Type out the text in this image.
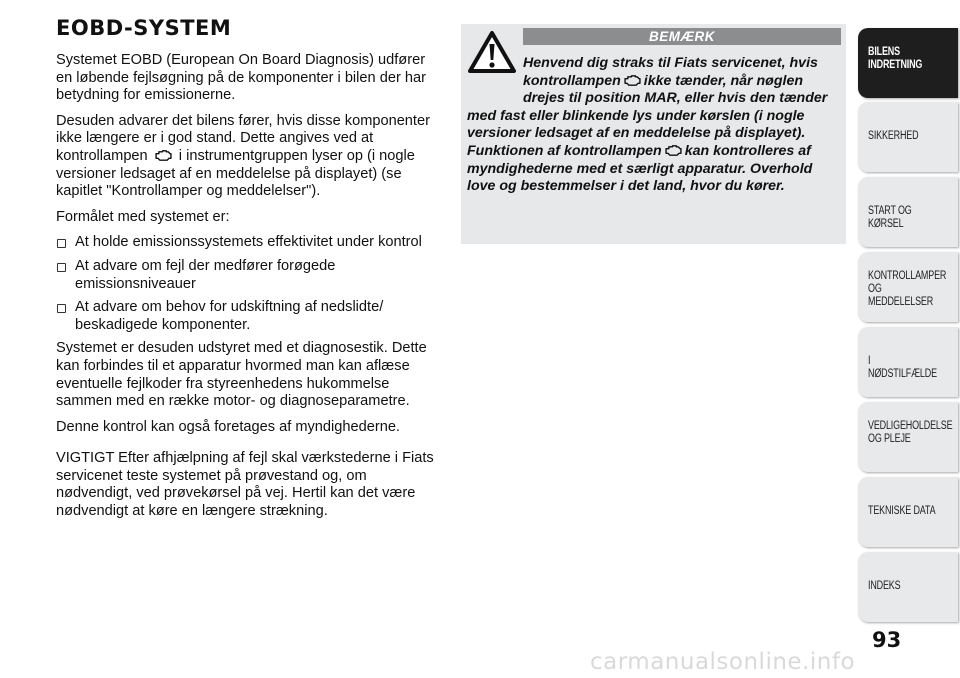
EOBD-SYSTEM

Systemet EOBD (European On Board Diagnosis) udfører en løbende fejlsøgning på de komponenter i bilen der har betydning for emissionerne.

Desuden advarer det bilens fører, hvis disse komponenter ikke længere er i god stand. Dette angives ved at kontrollampen i instrumentgruppen lyser op (i nogle versioner ledsaget af en meddelelse på displayet) (se kapitlet "Kontrollamper og meddelelser").

Formålet med systemet er:

At holde emissionssystemets effektivitet under kontrol
At advare om fejl der medfører forøgede emissionsniveauer
At advare om behov for udskiftning af nedslidte/ beskadigede komponenter.

Systemet er desuden udstyret med et diagnosestik. Dette kan forbindes til et apparatur hvormed man kan aflæse eventuelle fejlkoder fra styreenhedens hukommelse sammen med en række motor- og diagnoseparametre.

Denne kontrol kan også foretages af myndighederne.

VIGTIGT Efter afhjælpning af fejl skal værkstederne i Fiats servicenet teste systemet på prøvestand og, om nødvendigt, ved prøvekørsel på vej. Hertil kan det være nødvendigt at køre en længere strækning.

BEMÆRK

Henvend dig straks til Fiats servicenet, hvis kontrollampen ikke tænder, når nøglen drejes til position MAR, eller hvis den tænder med fast eller blinkende lys under kørslen (i nogle versioner ledsaget af en meddelelse på displayet). Funktionen af kontrollampen kan kontrolleres af myndighederne med et særligt apparatur. Overhold love og bestemmelser i det land, hvor du kører.

BILENS
INDRETNING
SIKKERHED
START OG KØRSEL
KONTROLLAMPER
OG MEDDELELSER
I NØDSTILFÆLDE
VEDLIGEHOLDELSE
OG PLEJE
TEKNISKE DATA
INDEKS
93
carmanualsonline.info
